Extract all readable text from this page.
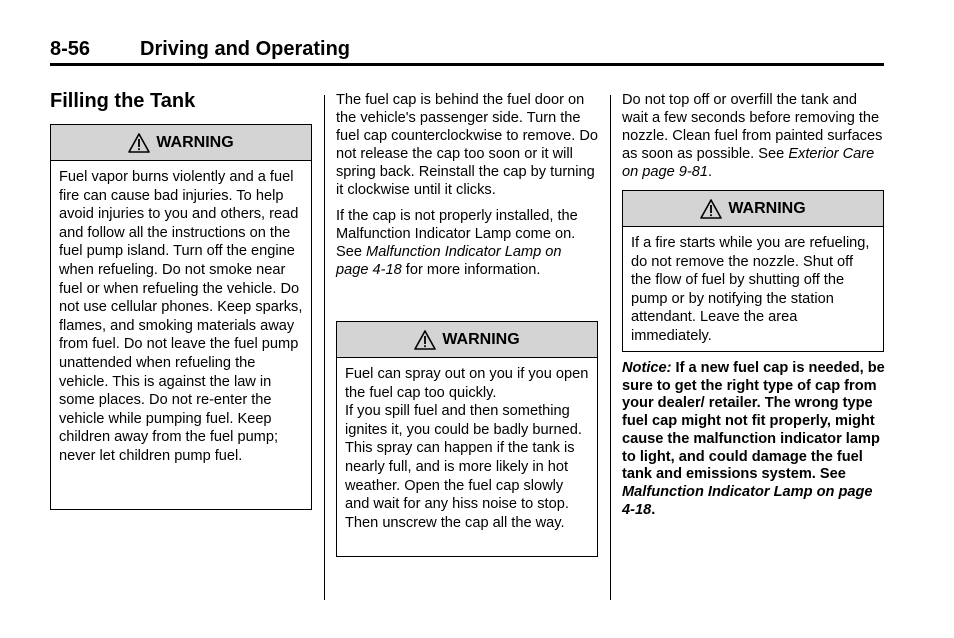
8-56 Driving and Operating
Filling the Tank
WARNING

Fuel vapor burns violently and a fuel fire can cause bad injuries. To help avoid injuries to you and others, read and follow all the instructions on the fuel pump island. Turn off the engine when refueling. Do not smoke near fuel or when refueling the vehicle. Do not use cellular phones. Keep sparks, flames, and smoking materials away from fuel. Do not leave the fuel pump unattended when refueling the vehicle. This is against the law in some places. Do not re-enter the vehicle while pumping fuel. Keep children away from the fuel pump; never let children pump fuel.

The fuel cap is behind the fuel door on the vehicle's passenger side. Turn the fuel cap counterclockwise to remove. Do not release the cap too soon or it will spring back. Reinstall the cap by turning it clockwise until it clicks.

If the cap is not properly installed, the Malfunction Indicator Lamp come on. See Malfunction Indicator Lamp on page 4-18 for more information.

WARNING

Fuel can spray out on you if you open the fuel cap too quickly.

If you spill fuel and then something ignites it, you could be badly burned. This spray can happen if the tank is nearly full, and is more likely in hot weather. Open the fuel cap slowly and wait for any hiss noise to stop. Then unscrew the cap all the way.

Do not top off or overfill the tank and wait a few seconds before removing the nozzle. Clean fuel from painted surfaces as soon as possible. See Exterior Care on page 9-81.

WARNING

If a fire starts while you are refueling, do not remove the nozzle. Shut off the flow of fuel by shutting off the pump or by notifying the station attendant. Leave the area immediately.

Notice: If a new fuel cap is needed, be sure to get the right type of cap from your dealer/ retailer. The wrong type fuel cap might not fit properly, might cause the malfunction indicator lamp to light, and could damage the fuel tank and emissions system. See Malfunction Indicator Lamp on page 4-18.
